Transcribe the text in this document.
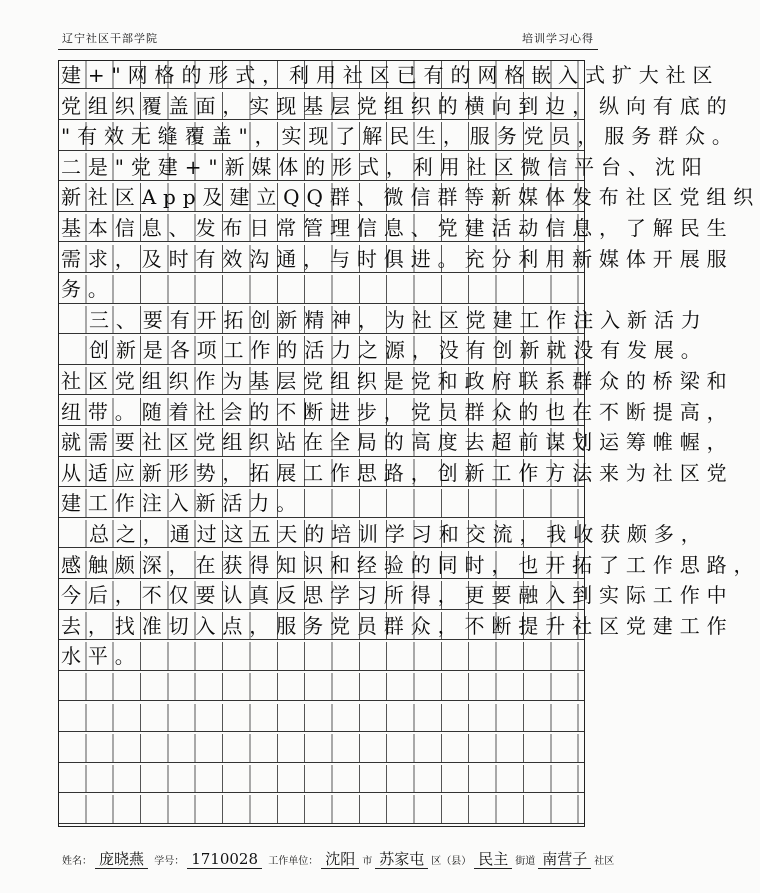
辽宁社区干部学院	培训学习心得
建+"网格的形式，利用社区已有的网格嵌入式扩大社区
党组织覆盖面，实现基层党组织的横向到边，纵向有底的
"有效无缝覆盖"，实现了解民生，服务党员，服务群众。
二是"党建+"新媒体的形式，利用社区微信平台、沈阳
新社区App及建立QQ群、微信群等新媒体发布社区党组织
基本信息、发布日常管理信息、党建活动信息，了解民生
需求，及时有效沟通，与时俱进。充分利用新媒体开展服
务。
三、要有开拓创新精神，为社区党建工作注入新活力
创新是各项工作的活力之源，没有创新就没有发展。
社区党组织作为基层党组织是党和政府联系群众的桥梁和
纽带。随着社会的不断进步，党员群众的也在不断提高，
就需要社区党组织站在全局的高度去超前谋划运筹帷幄，
从适应新形势，拓展工作思路，创新工作方法来为社区党
建工作注入新活力。
总之，通过这五天的培训学习和交流，我收获颇多，
感触颇深，在获得知识和经验的同时，也开拓了工作思路，
今后，不仅要认真反思学习所得，更要融入到实际工作中
去，找准切入点，服务党员群众，不断提升社区党建工作
水平。
姓名： 庞晓燕 学号： 1710028 工作单位： 沈阳 市 苏家屯 区（县） 民主 街道 南营子 社区
